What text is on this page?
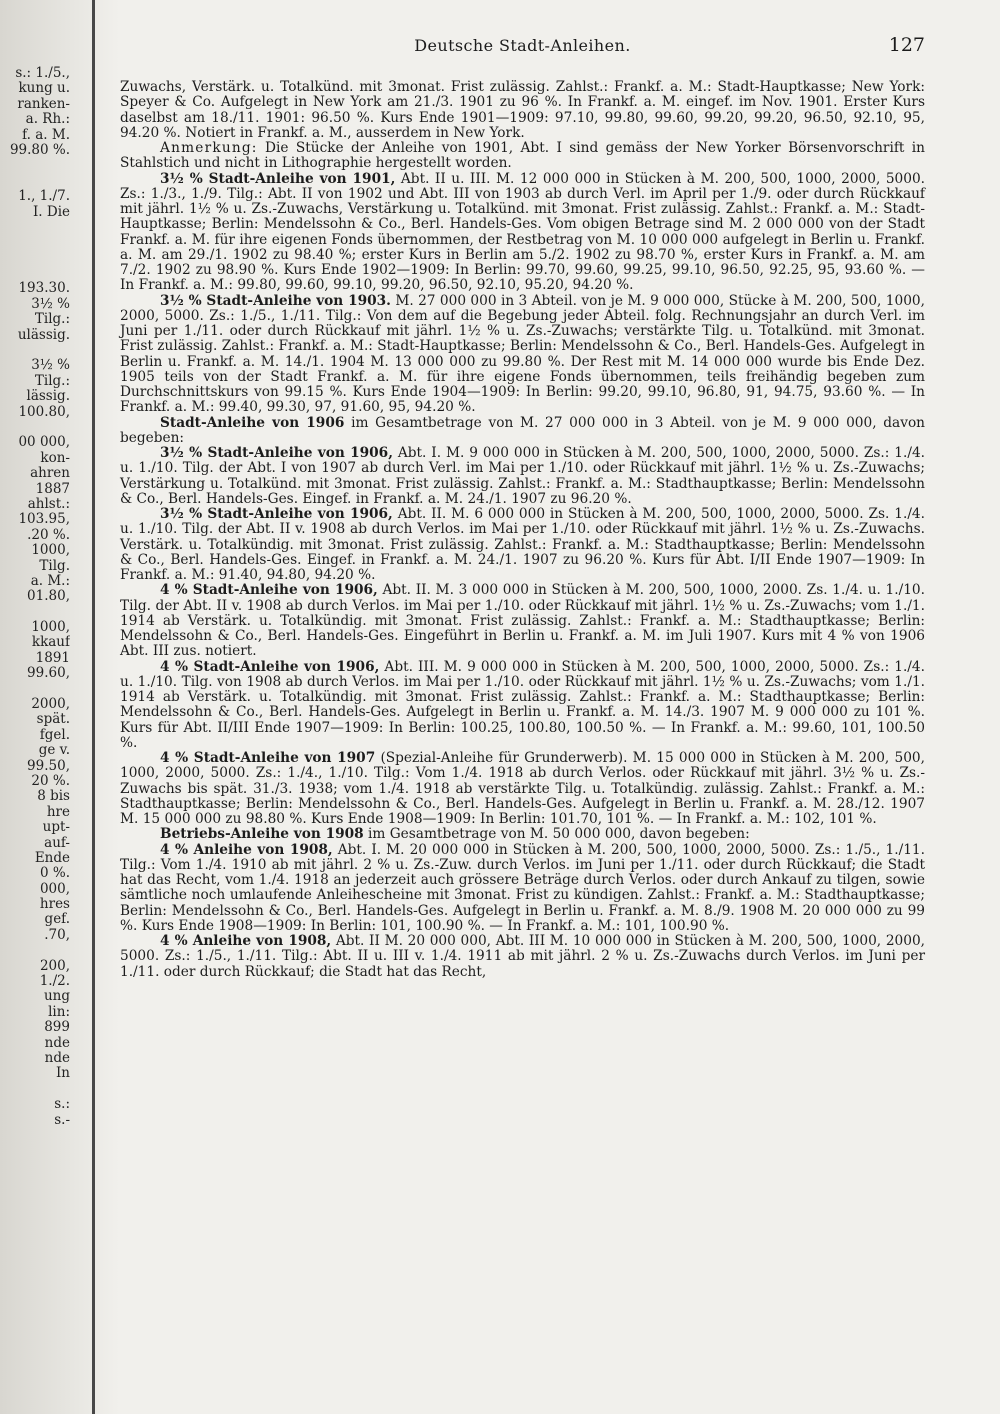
s.: 1./5.,
kung u.
ranken-
a. Rh.:
f. a. M.
99.80 %.
1., 1./7.
I. Die
193.30.
3½ %
Tilg.:
ulässig.
3½ %
Tilg.:
lässig.
100.80,
00 000,
kon-
ahren
1887
ahlst.:
103.95,
.20 %.
1000,
Tilg.
a. M.:
01.80,
1000,
kkauf
1891
99.60,
2000,
spät.
fgel.
ge v.
99.50,
20 %.
8 bis
hre
upt-
auf-
Ende
0 %.
000,
hres
gef.
.70,
200,
1./2.
ung
lin:
899
nde
nde
In
s.:
s.-
Deutsche Stadt-Anleihen.	127

Zuwachs, Verstärk. u. Totalkünd. mit 3monat. Frist zulässig. Zahlst.: Frankf. a. M.: Stadt-Hauptkasse; New York: Speyer & Co. Aufgelegt in New York am 21./3. 1901 zu 96 %. In Frankf. a. M. eingef. im Nov. 1901. Erster Kurs daselbst am 18./11. 1901: 96.50 %. Kurs Ende 1901—1909: 97.10, 99.80, 99.60, 99.20, 99.20, 96.50, 92.10, 95, 94.20 %. Notiert in Frankf. a. M., ausserdem in New York.

Anmerkung: Die Stücke der Anleihe von 1901, Abt. I sind gemäss der New Yorker Börsenvorschrift in Stahlstich und nicht in Lithographie hergestellt worden.

3½ % Stadt-Anleihe von 1901, Abt. II u. III. M. 12 000 000 in Stücken à M. 200, 500, 1000, 2000, 5000. Zs.: 1./3., 1./9. Tilg.: Abt. II von 1902 und Abt. III von 1903 ab durch Verl. im April per 1./9. oder durch Rückkauf mit jährl. 1½ % u. Zs.-Zuwachs, Verstärkung u. Totalkünd. mit 3monat. Frist zulässig. Zahlst.: Frankf. a. M.: Stadt-Hauptkasse; Berlin: Mendelssohn & Co., Berl. Handels-Ges. Vom obigen Betrage sind M. 2 000 000 von der Stadt Frankf. a. M. für ihre eigenen Fonds übernommen, der Restbetrag von M. 10 000 000 aufgelegt in Berlin u. Frankf. a. M. am 29./1. 1902 zu 98.40 %; erster Kurs in Berlin am 5./2. 1902 zu 98.70 %, erster Kurs in Frankf. a. M. am 7./2. 1902 zu 98.90 %. Kurs Ende 1902—1909: In Berlin: 99.70, 99.60, 99.25, 99.10, 96.50, 92.25, 95, 93.60 %. — In Frankf. a. M.: 99.80, 99.60, 99.10, 99.20, 96.50, 92.10, 95.20, 94.20 %.

3½ % Stadt-Anleihe von 1903. M. 27 000 000 in 3 Abteil. von je M. 9 000 000, Stücke à M. 200, 500, 1000, 2000, 5000. Zs.: 1./5., 1./11. Tilg.: Von dem auf die Begebung jeder Abteil. folg. Rechnungsjahr an durch Verl. im Juni per 1./11. oder durch Rückkauf mit jährl. 1½ % u. Zs.-Zuwachs; verstärkte Tilg. u. Totalkünd. mit 3monat. Frist zulässig. Zahlst.: Frankf. a. M.: Stadt-Hauptkasse; Berlin: Mendelssohn & Co., Berl. Handels-Ges. Aufgelegt in Berlin u. Frankf. a. M. 14./1. 1904 M. 13 000 000 zu 99.80 %. Der Rest mit M. 14 000 000 wurde bis Ende Dez. 1905 teils von der Stadt Frankf. a. M. für ihre eigene Fonds übernommen, teils freihändig begeben zum Durchschnittskurs von 99.15 %. Kurs Ende 1904—1909: In Berlin: 99.20, 99.10, 96.80, 91, 94.75, 93.60 %. — In Frankf. a. M.: 99.40, 99.30, 97, 91.60, 95, 94.20 %.

Stadt-Anleihe von 1906 im Gesamtbetrage von M. 27 000 000 in 3 Abteil. von je M. 9 000 000, davon begeben:

3½ % Stadt-Anleihe von 1906, Abt. I. M. 9 000 000 in Stücken à M. 200, 500, 1000, 2000, 5000. Zs.: 1./4. u. 1./10. Tilg. der Abt. I von 1907 ab durch Verl. im Mai per 1./10. oder Rückkauf mit jährl. 1½ % u. Zs.-Zuwachs; Verstärkung u. Totalkünd. mit 3monat. Frist zulässig. Zahlst.: Frankf. a. M.: Stadthauptkasse; Berlin: Mendelssohn & Co., Berl. Handels-Ges. Eingef. in Frankf. a. M. 24./1. 1907 zu 96.20 %.

3½ % Stadt-Anleihe von 1906, Abt. II. M. 6 000 000 in Stücken à M. 200, 500, 1000, 2000, 5000. Zs. 1./4. u. 1./10. Tilg. der Abt. II v. 1908 ab durch Verlos. im Mai per 1./10. oder Rückkauf mit jährl. 1½ % u. Zs.-Zuwachs. Verstärk. u. Totalkündig. mit 3monat. Frist zulässig. Zahlst.: Frankf. a. M.: Stadthauptkasse; Berlin: Mendelssohn & Co., Berl. Handels-Ges. Eingef. in Frankf. a. M. 24./1. 1907 zu 96.20 %. Kurs für Abt. I/II Ende 1907—1909: In Frankf. a. M.: 91.40, 94.80, 94.20 %.

4 % Stadt-Anleihe von 1906, Abt. II. M. 3 000 000 in Stücken à M. 200, 500, 1000, 2000. Zs. 1./4. u. 1./10. Tilg. der Abt. II v. 1908 ab durch Verlos. im Mai per 1./10. oder Rückkauf mit jährl. 1½ % u. Zs.-Zuwachs; vom 1./1. 1914 ab Verstärk. u. Totalkündig. mit 3monat. Frist zulässig. Zahlst.: Frankf. a. M.: Stadthauptkasse; Berlin: Mendelssohn & Co., Berl. Handels-Ges. Eingeführt in Berlin u. Frankf. a. M. im Juli 1907. Kurs mit 4 % von 1906 Abt. III zus. notiert.

4 % Stadt-Anleihe von 1906, Abt. III. M. 9 000 000 in Stücken à M. 200, 500, 1000, 2000, 5000. Zs.: 1./4. u. 1./10. Tilg. von 1908 ab durch Verlos. im Mai per 1./10. oder Rückkauf mit jährl. 1½ % u. Zs.-Zuwachs; vom 1./1. 1914 ab Verstärk. u. Totalkündig. mit 3monat. Frist zulässig. Zahlst.: Frankf. a. M.: Stadthauptkasse; Berlin: Mendelssohn & Co., Berl. Handels-Ges. Aufgelegt in Berlin u. Frankf. a. M. 14./3. 1907 M. 9 000 000 zu 101 %. Kurs für Abt. II/III Ende 1907—1909: In Berlin: 100.25, 100.80, 100.50 %. — In Frankf. a. M.: 99.60, 101, 100.50 %.

4 % Stadt-Anleihe von 1907 (Spezial-Anleihe für Grunderwerb). M. 15 000 000 in Stücken à M. 200, 500, 1000, 2000, 5000. Zs.: 1./4., 1./10. Tilg.: Vom 1./4. 1918 ab durch Verlos. oder Rückkauf mit jährl. 3½ % u. Zs.-Zuwachs bis spät. 31./3. 1938; vom 1./4. 1918 ab verstärkte Tilg. u. Totalkündig. zulässig. Zahlst.: Frankf. a. M.: Stadthauptkasse; Berlin: Mendelssohn & Co., Berl. Handels-Ges. Aufgelegt in Berlin u. Frankf. a. M. 28./12. 1907 M. 15 000 000 zu 98.80 %. Kurs Ende 1908—1909: In Berlin: 101.70, 101 %. — In Frankf. a. M.: 102, 101 %.

Betriebs-Anleihe von 1908 im Gesamtbetrage von M. 50 000 000, davon begeben:

4 % Anleihe von 1908, Abt. I. M. 20 000 000 in Stücken à M. 200, 500, 1000, 2000, 5000. Zs.: 1./5., 1./11. Tilg.: Vom 1./4. 1910 ab mit jährl. 2 % u. Zs.-Zuw. durch Verlos. im Juni per 1./11. oder durch Rückkauf; die Stadt hat das Recht, vom 1./4. 1918 an jederzeit auch grössere Beträge durch Verlos. oder durch Ankauf zu tilgen, sowie sämtliche noch umlaufende Anleihescheine mit 3monat. Frist zu kündigen. Zahlst.: Frankf. a. M.: Stadthauptkasse; Berlin: Mendelssohn & Co., Berl. Handels-Ges. Aufgelegt in Berlin u. Frankf. a. M. 8./9. 1908 M. 20 000 000 zu 99 %. Kurs Ende 1908—1909: In Berlin: 101, 100.90 %. — In Frankf. a. M.: 101, 100.90 %.

4 % Anleihe von 1908, Abt. II M. 20 000 000, Abt. III M. 10 000 000 in Stücken à M. 200, 500, 1000, 2000, 5000. Zs.: 1./5., 1./11. Tilg.: Abt. II u. III v. 1./4. 1911 ab mit jährl. 2 % u. Zs.-Zuwachs durch Verlos. im Juni per 1./11. oder durch Rückkauf; die Stadt hat das Recht,
